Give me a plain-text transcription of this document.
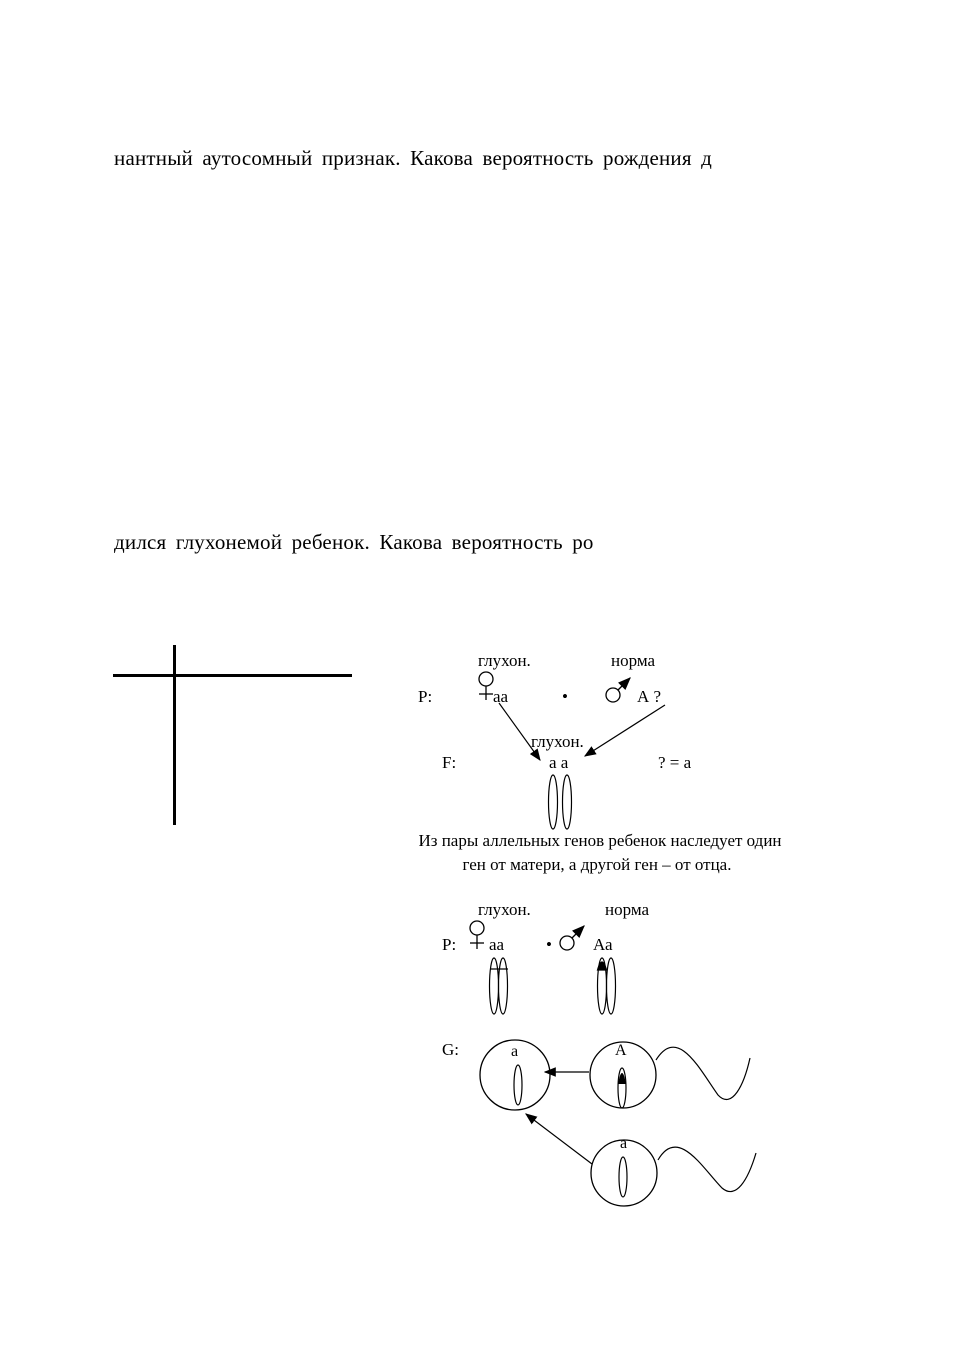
нантный аутосомный признак. Какова вероятность рождения д
дился глухонемой ребенок. Какова вероятность ро
глухон.	норма
P:	аа	•	А ?
глухон.
F:	а а	? = а
Из пары аллельных генов ребенок наследует один
ген от матери, а другой ген – от отца.
глухон.	норма
P: аа • Аа
G:	а	А
а
